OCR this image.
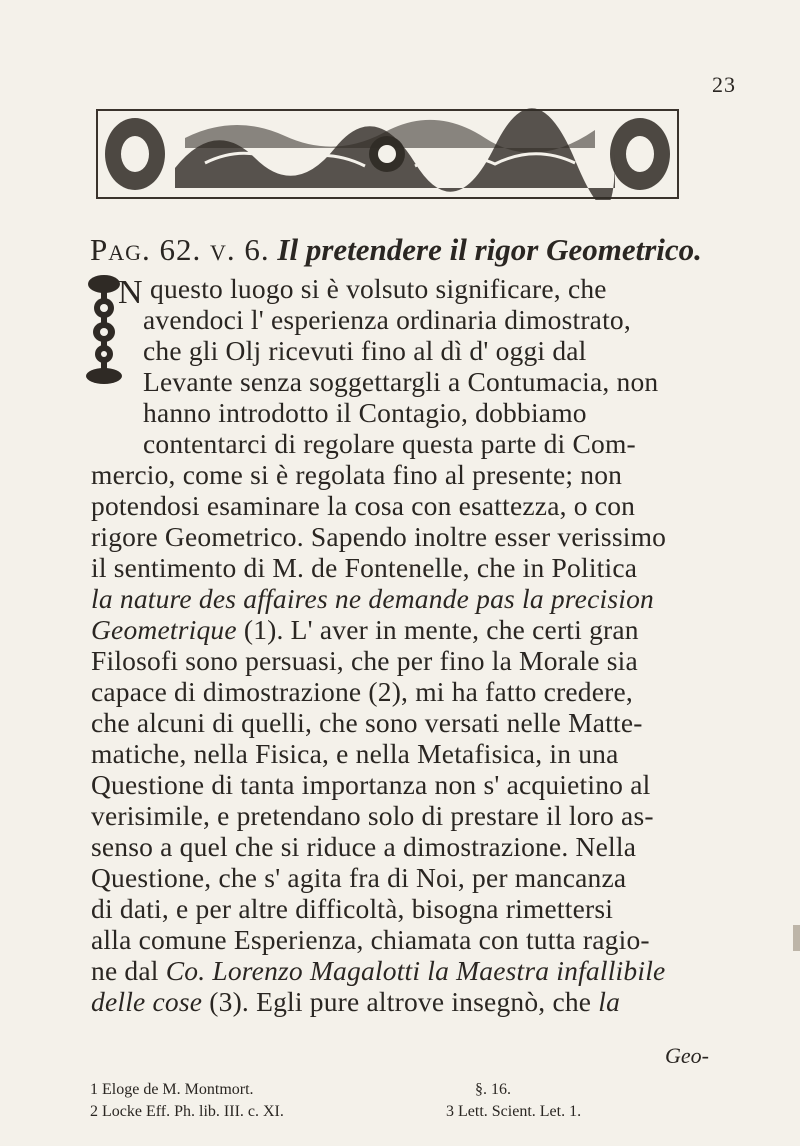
23
Pag. 62. v. 6. Il pretendere il rigor Geometrico.
N questo luogo si è volsuto significare, che
avendoci l' esperienza ordinaria dimostrato,
che gli Olj ricevuti fino al dì d' oggi dal
Levante senza soggettargli a Contumacia, non
hanno introdotto il Contagio, dobbiamo
contentarci di regolare questa parte di Com-
mercio, come si è regolata fino al presente; non
potendosi esaminare la cosa con esattezza, o con
rigore Geometrico. Sapendo inoltre esser verissimo
il sentimento di M. de Fontenelle, che in Politica
la nature des affaires ne demande pas la precision
Geometrique (1). L' aver in mente, che certi gran
Filosofi sono persuasi, che per fino la Morale sia
capace di dimostrazione (2), mi ha fatto credere,
che alcuni di quelli, che sono versati nelle Matte-
matiche, nella Fisica, e nella Metafisica, in una
Questione di tanta importanza non s' acquietino al
verisimile, e pretendano solo di prestare il loro as-
senso a quel che si riduce a dimostrazione. Nella
Questione, che s' agita fra di Noi, per mancanza
di dati, e per altre difficoltà, bisogna rimettersi
alla comune Esperienza, chiamata con tutta ragio-
ne dal Co. Lorenzo Magalotti la Maestra infallibile
delle cose (3). Egli pure altrove insegnò, che la
Geo-
1 Eloge de M. Montmort.	§. 16.
2 Locke Eff. Ph. lib. III. c. XI.	3 Lett. Scient. Let. 1.
